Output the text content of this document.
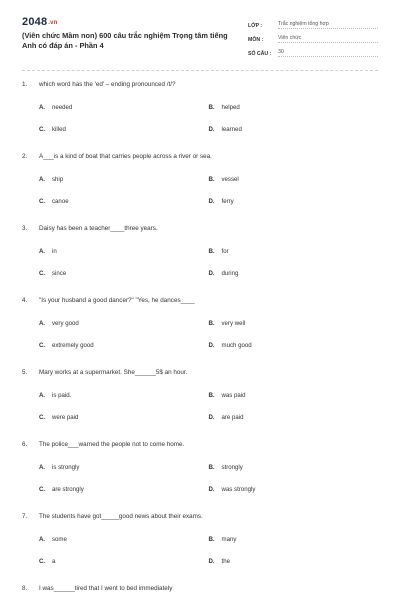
2048.vn
(Viên chức Mầm non) 600 câu trắc nghiệm Trọng tâm tiếng Anh có đáp án - Phần 4
LỚP :	Trắc nghiệm tổng hợp
MÔN :	Viên chức
SỐ CÂU :	30
1.	which word has the 'ed' – ending pronounced /t/?
A.	needed	B.	helped
C.	killed	D.	learned
2.	A___is a kind of boat that carries people across a river or sea.
A.	ship	B.	vessel
C.	canoe	D.	ferry
3.	Daisy has been a teacher____three years.
A.	in	B.	for
C.	since	D.	during
4.	"Is your husband a good dancer?" "Yes, he dances____
A.	very good	B.	very well
C.	extremely good	D.	much good
5.	Mary works at a supermarket. She______5$ an hour.
A.	is paid.	B.	was paid
C.	were paid	D.	are paid
6.	The police___warned the people not to come home.
A.	is strongly	B.	strongly
C.	are strongly	D.	was strongly
7.	The students have got_____good news about their exams.
A.	some	B.	many
C.	a	D.	the
8.	I was______tired that I went to bed immediately
